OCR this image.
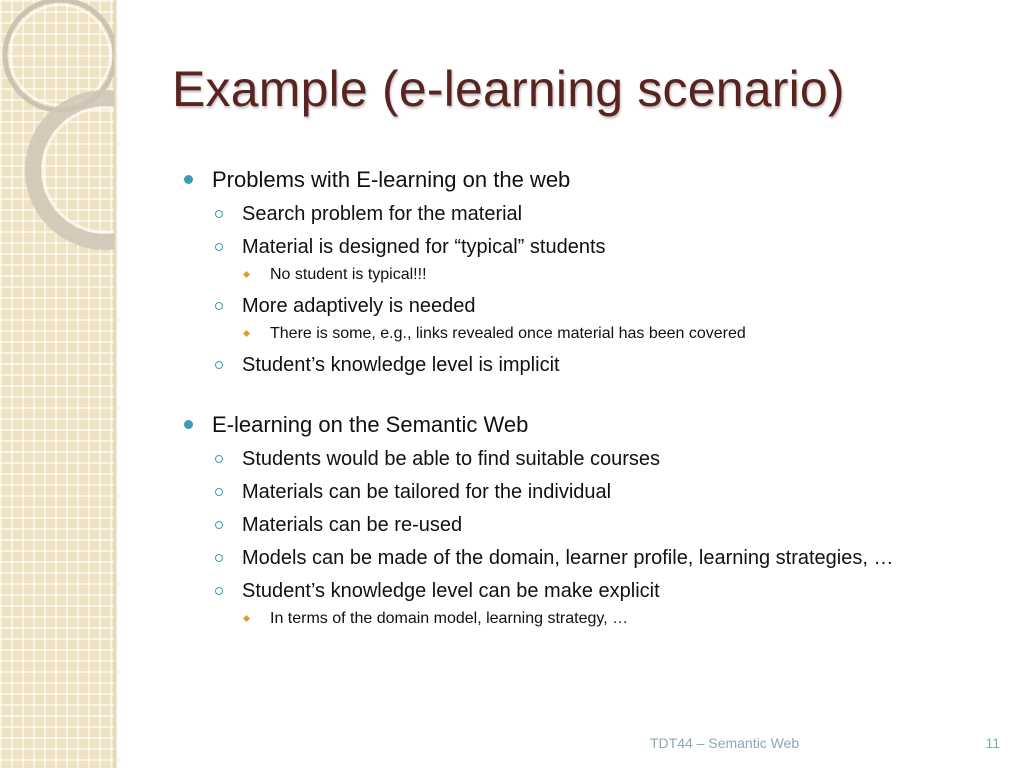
Example (e-learning scenario)
Problems with E-learning on the web
Search problem for the material
Material is designed for “typical” students
No student is typical!!!
More adaptively is needed
There is some, e.g., links revealed once material has been covered
Student’s knowledge level is implicit
E-learning on the Semantic Web
Students would be able to find suitable courses
Materials can be tailored for the individual
Materials can be re-used
Models can be made of the domain, learner profile, learning strategies, …
Student’s knowledge level can be make explicit
In terms of the domain model, learning strategy, …
TDT44 – Semantic Web	11
